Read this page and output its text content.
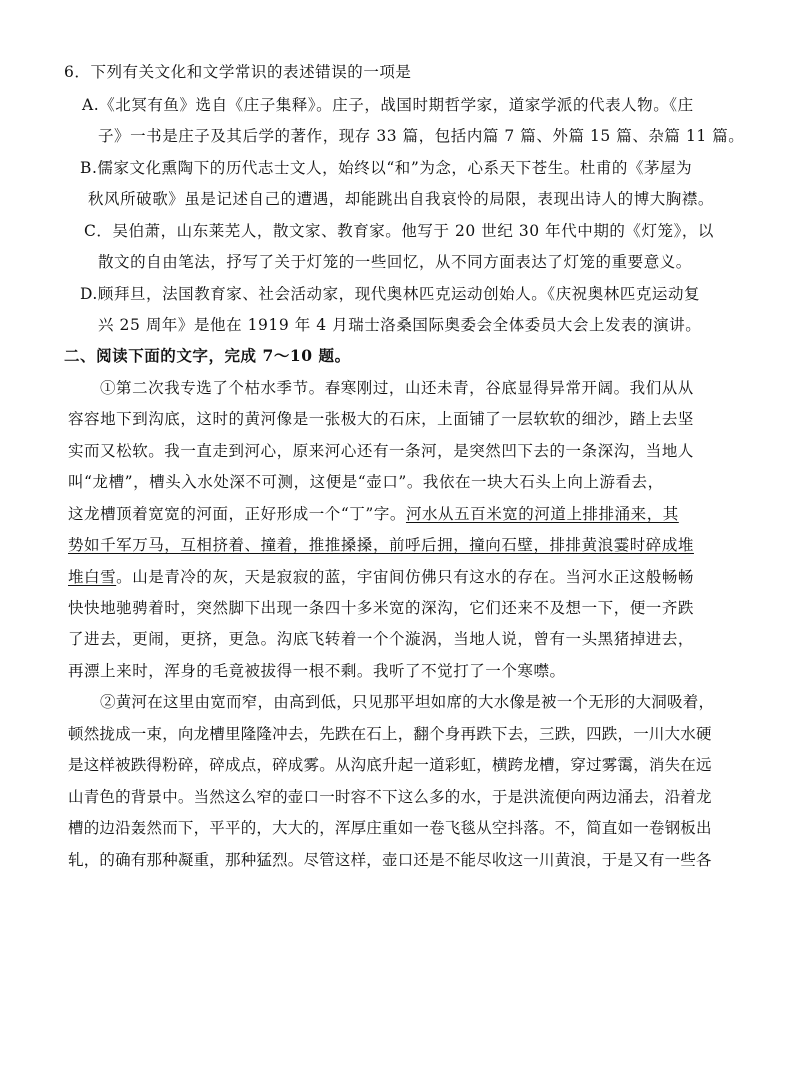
6．下列有关文化和文学常识的表述错误的一项是
A.《北冥有鱼》选自《庄子集释》。庄子，战国时期哲学家，道家学派的代表人物。《庄
子》一书是庄子及其后学的著作，现存 33 篇，包括内篇 7 篇、外篇 15 篇、杂篇 11 篇。
B.儒家文化熏陶下的历代志士文人，始终以“和”为念，心系天下苍生。杜甫的《茅屋为
秋风所破歌》虽是记述自己的遭遇，却能跳出自我哀怜的局限，表现出诗人的博大胸襟。
C．吴伯萧，山东莱芜人，散文家、教育家。他写于 20 世纪 30 年代中期的《灯笼》，以
散文的自由笔法，抒写了关于灯笼的一些回忆，从不同方面表达了灯笼的重要意义。
D.顾拜旦，法国教育家、社会活动家，现代奥林匹克运动创始人。《庆祝奥林匹克运动复
兴 25 周年》是他在 1919 年 4 月瑞士洛桑国际奥委会全体委员大会上发表的演讲。
二、阅读下面的文字，完成 7～10 题。
①第二次我专选了个枯水季节。春寒刚过，山还未青，谷底显得异常开阔。我们从从
容容地下到沟底，这时的黄河像是一张极大的石床，上面铺了一层软软的细沙，踏上去坚
实而又松软。我一直走到河心，原来河心还有一条河，是突然凹下去的一条深沟，当地人
叫“龙槽”，槽头入水处深不可测，这便是“壶口”。我依在一块大石头上向上游看去，
这龙槽顶着宽宽的河面，正好形成一个“丁”字。河水从五百米宽的河道上排排涌来，其
势如千军万马，互相挤着、撞着，推推搡搡，前呼后拥，撞向石壁，排排黄浪霎时碎成堆
堆白雪。山是青冷的灰，天是寂寂的蓝，宇宙间仿佛只有这水的存在。当河水正这般畅畅
快快地驰骋着时，突然脚下出现一条四十多米宽的深沟，它们还来不及想一下，便一齐跌
了进去，更闹，更挤，更急。沟底飞转着一个个漩涡，当地人说，曾有一头黑猪掉进去，
再漂上来时，浑身的毛竟被拔得一根不剩。我听了不觉打了一个寒噤。
②黄河在这里由宽而窄，由高到低，只见那平坦如席的大水像是被一个无形的大洞吸着，
顿然拢成一束，向龙槽里隆隆冲去，先跌在石上，翻个身再跌下去，三跌，四跌，一川大水硬
是这样被跌得粉碎，碎成点，碎成雾。从沟底升起一道彩虹，横跨龙槽，穿过雾霭，消失在远
山青色的背景中。当然这么窄的壶口一时容不下这么多的水，于是洪流便向两边涌去，沿着龙
槽的边沿轰然而下，平平的，大大的，浑厚庄重如一卷飞毯从空抖落。不，简直如一卷钢板出
轧，的确有那种凝重，那种猛烈。尽管这样，壶口还是不能尽收这一川黄浪，于是又有一些各
